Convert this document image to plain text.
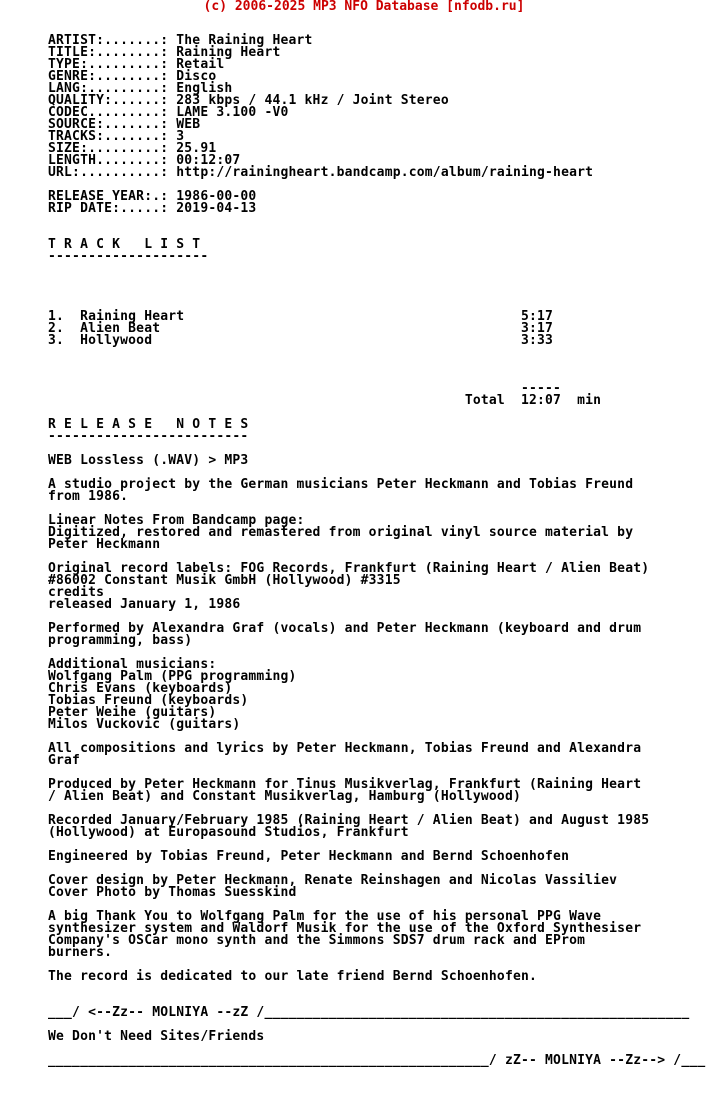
(c) 2006-2025 MP3 NFO Database [nfodb.ru]
ARTIST:.......: The Raining Heart
TITLE:........: Raining Heart
TYPE:.........: Retail
GENRE:........: Disco
LANG:.........: English
QUALITY:......: 283 kbps / 44.1 kHz / Joint Stereo
CODEC.........: LAME 3.100 -V0
SOURCE:.......: WEB
TRACKS:.......: 3
SIZE:.........: 25.91
LENGTH........: 00:12:07
URL:..........: http://rainingheart.bandcamp.com/album/raining-heart

RELEASE YEAR:.: 1986-00-00
RIP DATE:.....: 2019-04-13

T R A C K   L I S T
--------------------

1.  Raining Heart                                          5:17
2.  Alien Beat                                             3:17
3.  Hollywood                                              3:33

-----
Total  12:07  min

R E L E A S E   N O T E S
-------------------------

WEB Lossless (.WAV) > MP3

A studio project by the German musicians Peter Heckmann and Tobias Freund
from 1986.

Linear Notes From Bandcamp page:
Digitized, restored and remastered from original vinyl source material by
Peter Heckmann

Original record labels: FOG Records, Frankfurt (Raining Heart / Alien Beat)
#86002 Constant Musik GmbH (Hollywood) #3315
credits
released January 1, 1986

Performed by Alexandra Graf (vocals) and Peter Heckmann (keyboard and drum
programming, bass)

Additional musicians:
Wolfgang Palm (PPG programming)
Chris Evans (keyboards)
Tobias Freund (keyboards)
Peter Weihe (guitars)
Milos Vuckovic (guitars)

All compositions and lyrics by Peter Heckmann, Tobias Freund and Alexandra
Graf

Produced by Peter Heckmann for Tinus Musikverlag, Frankfurt (Raining Heart
/ Alien Beat) and Constant Musikverlag, Hamburg (Hollywood)

Recorded January/February 1985 (Raining Heart / Alien Beat) and August 1985
(Hollywood) at Europasound Studios, Frankfurt

Engineered by Tobias Freund, Peter Heckmann and Bernd Schoenhofen

Cover design by Peter Heckmann, Renate Reinshagen and Nicolas Vassiliev
Cover Photo by Thomas Suesskind

A big Thank You to Wolfgang Palm for the use of his personal PPG Wave
synthesizer system and Waldorf Musik for the use of the Oxford Synthesiser
Company's OSCar mono synth and the Simmons SDS7 drum rack and EProm
burners.

The record is dedicated to our late friend Bernd Schoenhofen.

___/ <--Zz-- MOLNIYA --zZ /_____________________________________________________

We Don't Need Sites/Friends

_______________________________________________________/ zZ-- MOLNIYA --Zz--> /___
